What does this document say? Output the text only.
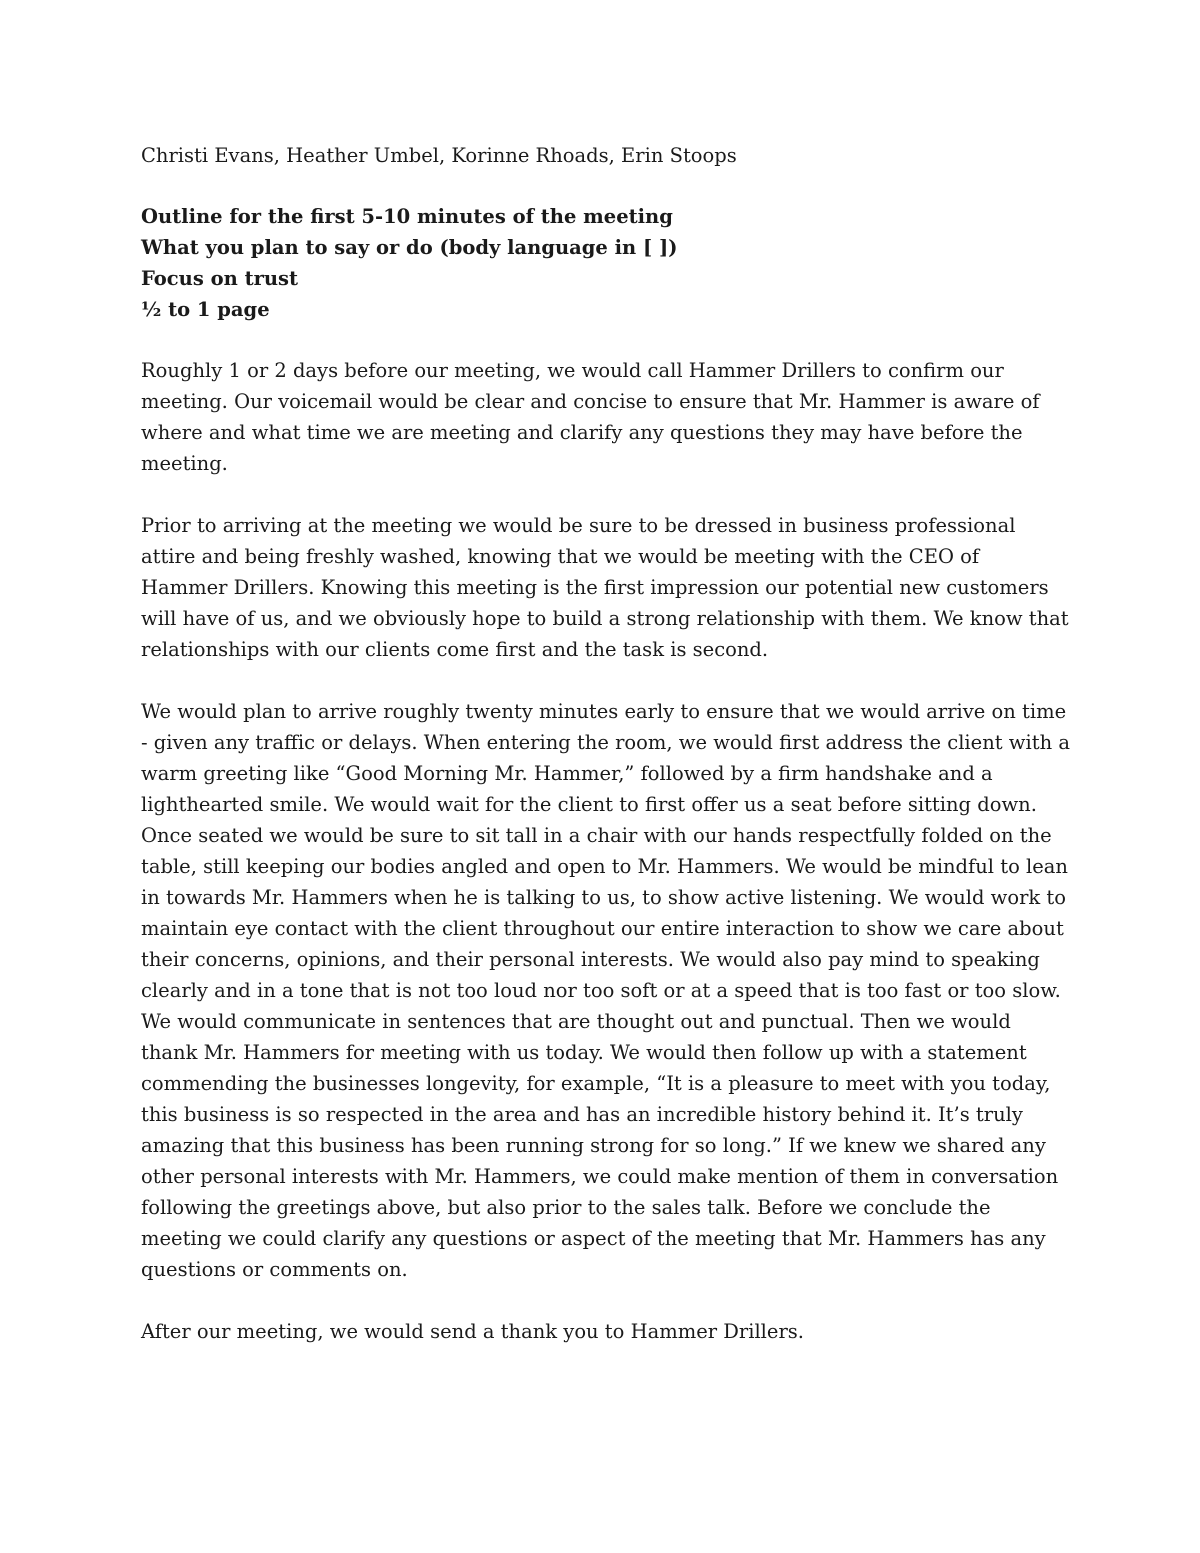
Christi Evans, Heather Umbel, Korinne Rhoads, Erin Stoops

Outline for the first 5-10 minutes of the meeting
What you plan to say or do (body language in [ ])
Focus on trust
½ to 1 page

Roughly 1 or 2 days before our meeting, we would call Hammer Drillers to confirm our meeting. Our voicemail would be clear and concise to ensure that Mr. Hammer is aware of where and what time we are meeting and clarify any questions they may have before the meeting.

Prior to arriving at the meeting we would be sure to be dressed in business professional attire and being freshly washed, knowing that we would be meeting with the CEO of Hammer Drillers. Knowing this meeting is the first impression our potential new customers will have of us, and we obviously hope to build a strong relationship with them. We know that relationships with our clients come first and the task is second.

We would plan to arrive roughly twenty minutes early to ensure that we would arrive on time - given any traffic or delays. When entering the room, we would first address the client with a warm greeting like “Good Morning Mr. Hammer,” followed by a firm handshake and a lighthearted smile. We would wait for the client to first offer us a seat before sitting down. Once seated we would be sure to sit tall in a chair with our hands respectfully folded on the table, still keeping our bodies angled and open to Mr. Hammers. We would be mindful to lean in towards Mr. Hammers when he is talking to us, to show active listening. We would work to maintain eye contact with the client throughout our entire interaction to show we care about their concerns, opinions, and their personal interests. We would also pay mind to speaking clearly and in a tone that is not too loud nor too soft or at a speed that is too fast or too slow. We would communicate in sentences that are thought out and punctual. Then we would thank Mr. Hammers for meeting with us today. We would then follow up with a statement commending the businesses longevity, for example, “It is a pleasure to meet with you today, this business is so respected in the area and has an incredible history behind it. It’s truly amazing that this business has been running strong for so long.” If we knew we shared any other personal interests with Mr. Hammers, we could make mention of them in conversation following the greetings above, but also prior to the sales talk. Before we conclude the meeting we could clarify any questions or aspect of the meeting that Mr. Hammers has any questions or comments on.

After our meeting, we would send a thank you to Hammer Drillers.
